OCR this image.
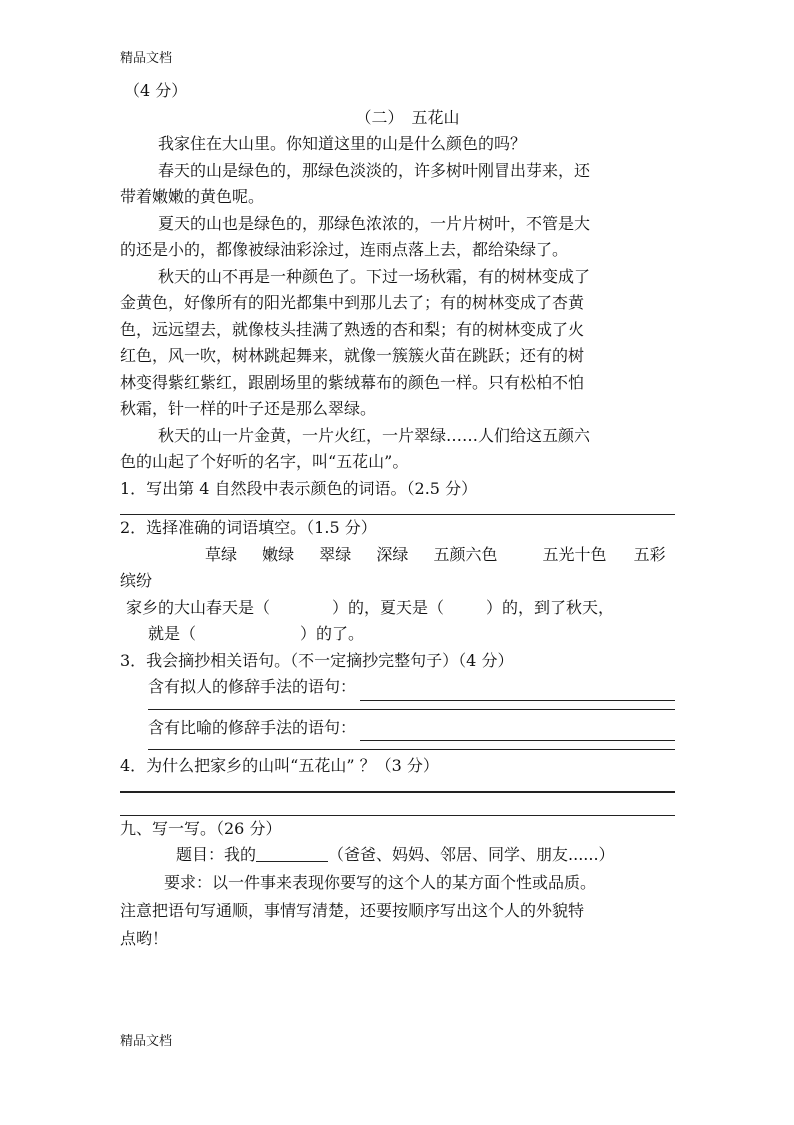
精品文档
（4 分）
（二）　五花山
我家住在大山里。你知道这里的山是什么颜色的吗？
春天的山是绿色的，那绿色淡淡的，许多树叶刚冒出芽来，还
带着嫩嫩的黄色呢。
夏天的山也是绿色的，那绿色浓浓的，一片片树叶，不管是大
的还是小的，都像被绿油彩涂过，连雨点落上去，都给染绿了。
秋天的山不再是一种颜色了。下过一场秋霜，有的树林变成了
金黄色，好像所有的阳光都集中到那儿去了；有的树林变成了杏黄
色，远远望去，就像枝头挂满了熟透的杏和梨；有的树林变成了火
红色，风一吹，树林跳起舞来，就像一簇簇火苗在跳跃；还有的树
林变得紫红紫红，跟剧场里的紫绒幕布的颜色一样。只有松柏不怕
秋霜，针一样的叶子还是那么翠绿。
秋天的山一片金黄，一片火红，一片翠绿……人们给这五颜六
色的山起了个好听的名字，叫“五花山”。
1．写出第 4 自然段中表示颜色的词语。（2.5 分）
2．选择准确的词语填空。（1.5 分）
草绿 嫩绿 翠绿 深绿 五颜六色	五光十色 五彩
缤纷
家乡的大山春天是（	）的，夏天是（	）的，到了秋天，
就是（	）的了。
3．我会摘抄相关语句。（不一定摘抄完整句子）（4 分）
含有拟人的修辞手法的语句：
含有比喻的修辞手法的语句：
4．为什么把家乡的山叫“五花山” ？（3 分）
九、写一写。（26 分）
题目：我的	（爸爸、妈妈、邻居、同学、朋友......）
要求：以一件事来表现你要写的这个人的某方面个性或品质。
注意把语句写通顺，事情写清楚，还要按顺序写出这个人的外貌特
点哟！
精品文档
